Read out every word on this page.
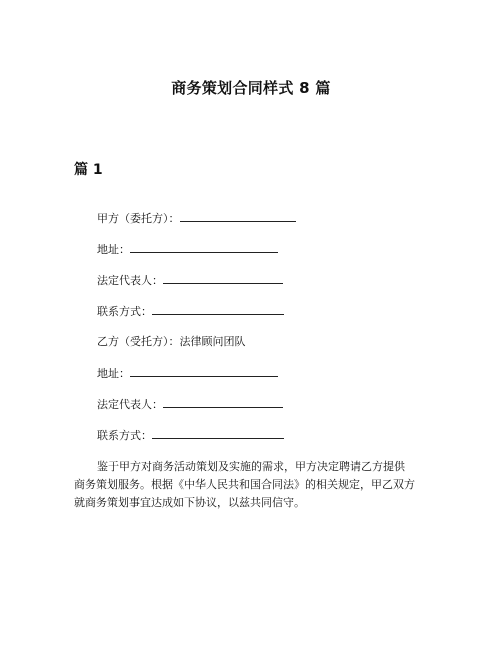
商务策划合同样式 8 篇
篇 1
甲方（委托方）：
地址：
法定代表人：
联系方式：
乙方（受托方）：法律顾问团队
地址：
法定代表人：
联系方式：
鉴于甲方对商务活动策划及实施的需求，甲方决定聘请乙方提供
商务策划服务。根据《中华人民共和国合同法》的相关规定，甲乙双方
就商务策划事宜达成如下协议，以兹共同信守。
